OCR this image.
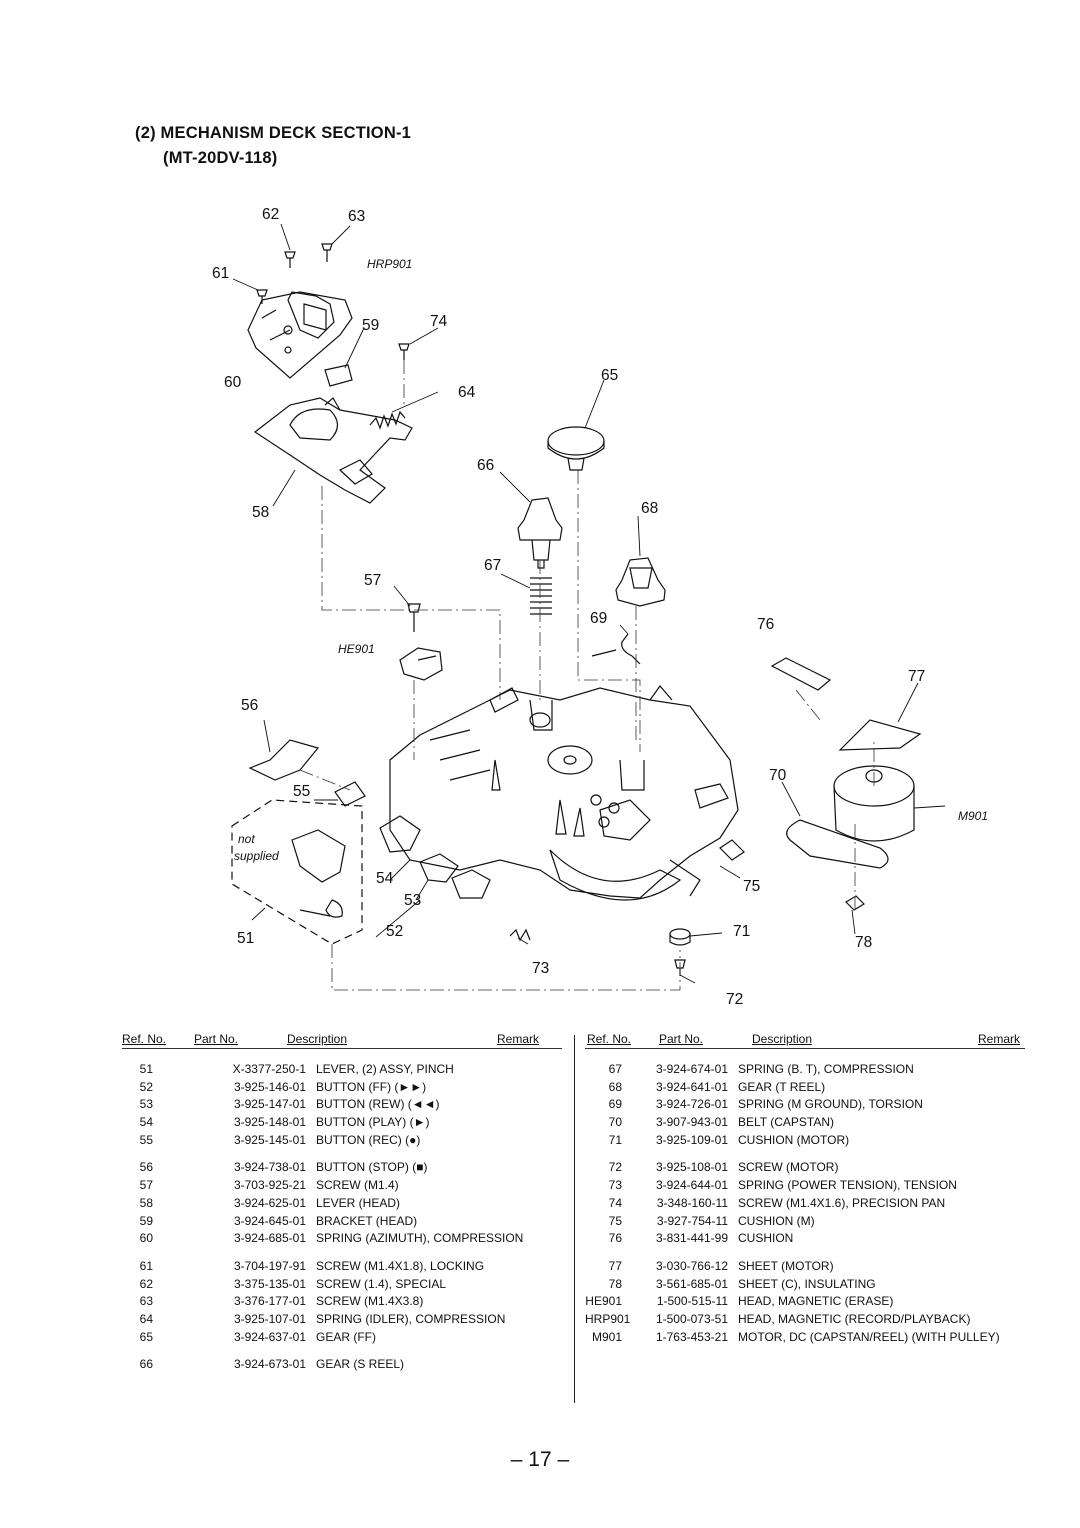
(2) MECHANISM DECK SECTION-1
(MT-20DV-118)
62	63
61
59	74
60	65
64
66
58	68
67
57
69	76
77
56
70
55
54	75
53
51	52	71
78
73
72
HRP901
HE901
M901
not
supplied
Ref. No.	Part No.	Description	Remark
51	X-3377-250-1 LEVER, (2) ASSY, PINCH
52	3-925-146-01 BUTTON (FF) (►►)
53	3-925-147-01 BUTTON (REW) (◄◄)
54	3-925-148-01 BUTTON (PLAY) (►)
55	3-925-145-01 BUTTON (REC) (●)
56	3-924-738-01 BUTTON (STOP) (■)
57	3-703-925-21 SCREW (M1.4)
58	3-924-625-01 LEVER (HEAD)
59	3-924-645-01 BRACKET (HEAD)
60	3-924-685-01 SPRING (AZIMUTH), COMPRESSION
61	3-704-197-91 SCREW (M1.4X1.8), LOCKING
62	3-375-135-01 SCREW (1.4), SPECIAL
63	3-376-177-01 SCREW (M1.4X3.8)
64	3-925-107-01 SPRING (IDLER), COMPRESSION
65	3-924-637-01 GEAR (FF)
66	3-924-673-01 GEAR (S REEL)
Ref. No.	Part No.	Description	Remark
67	3-924-674-01 SPRING (B. T), COMPRESSION
68	3-924-641-01 GEAR (T REEL)
69	3-924-726-01 SPRING (M GROUND), TORSION
70	3-907-943-01 BELT (CAPSTAN)
71	3-925-109-01 CUSHION (MOTOR)
72	3-925-108-01 SCREW (MOTOR)
73	3-924-644-01 SPRING (POWER TENSION), TENSION
74	3-348-160-11 SCREW (M1.4X1.6), PRECISION PAN
75	3-927-754-11 CUSHION (M)
76	3-831-441-99 CUSHION
77	3-030-766-12 SHEET (MOTOR)
78	3-561-685-01 SHEET (C), INSULATING
HE901	1-500-515-11 HEAD, MAGNETIC (ERASE)
HRP901	1-500-073-51 HEAD, MAGNETIC (RECORD/PLAYBACK)
M901	1-763-453-21 MOTOR, DC (CAPSTAN/REEL) (WITH PULLEY)
– 17 –
